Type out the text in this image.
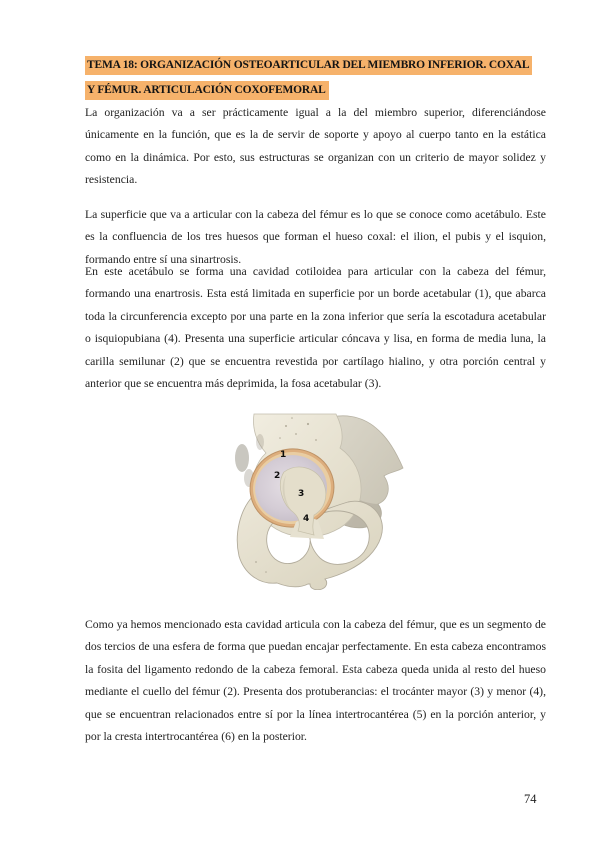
TEMA 18: ORGANIZACIÓN OSTEOARTICULAR DEL MIEMBRO INFERIOR. COXAL
Y FÉMUR. ARTICULACIÓN COXOFEMORAL

La organización va a ser prácticamente igual a la del miembro superior, diferenciándose únicamente en la función, que es la de servir de soporte y apoyo al cuerpo tanto en la estática como en la dinámica. Por esto, sus estructuras se organizan con un criterio de mayor solidez y resistencia.

La superficie que va a articular con la cabeza del fémur es lo que se conoce como acetábulo. Este es la confluencia de los tres huesos que forman el hueso coxal: el ilion, el pubis y el isquion, formando entre sí una sinartrosis.

En este acetábulo se forma una cavidad cotiloidea para articular con la cabeza del fémur, formando una enartrosis. Esta está limitada en superficie por un borde acetabular (1), que abarca toda la circunferencia excepto por una parte en la zona inferior que sería la escotadura acetabular o isquiopubiana (4). Presenta una superficie articular cóncava y lisa, en forma de media luna, la carilla semilunar (2) que se encuentra revestida por cartílago hialino, y otra porción central y anterior que se encuentra más deprimida, la fosa acetabular (3).

Como ya hemos mencionado esta cavidad articula con la cabeza del fémur, que es un segmento de dos tercios de una esfera de forma que puedan encajar perfectamente. En esta cabeza encontramos la fosita del ligamento redondo de la cabeza femoral. Esta cabeza queda unida al resto del hueso mediante el cuello del fémur (2). Presenta dos protuberancias: el trocánter mayor (3) y menor (4), que se encuentran relacionados entre sí por la línea intertrocantérea (5) en la porción anterior, y por la cresta intertrocantérea (6) en la posterior.

1
2
3
4
74
